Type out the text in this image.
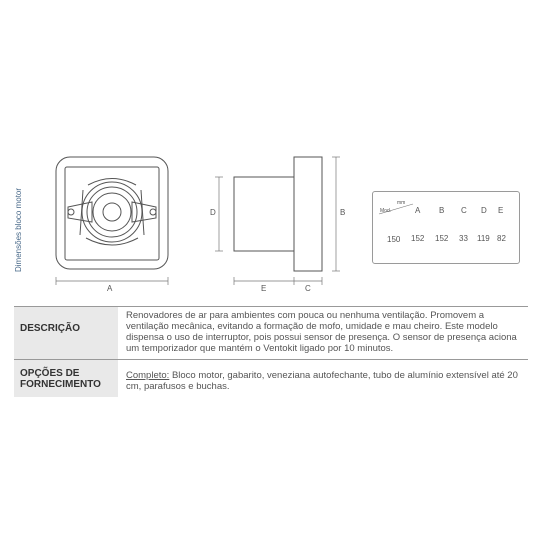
Dimensões bloco motor
A
D	B
E	C
mm
Mod.	A B C D E
150 152 152 33 119 82
DESCRIÇÃO	Renovadores de ar para ambientes com pouca ou nenhuma ventilação. Promovem a ventilação mecânica, evitando a formação de mofo, umidade e mau cheiro. Este modelo dispensa o uso de interruptor, pois possui sensor de presença. O sensor de presença aciona um temporizador que mantém o Ventokit ligado por 10 minutos.
OPÇÕES DE FORNECIMENTO	Completo: Bloco motor, gabarito, veneziana autofechante, tubo de alumínio extensível até 20 cm, parafusos e buchas.
